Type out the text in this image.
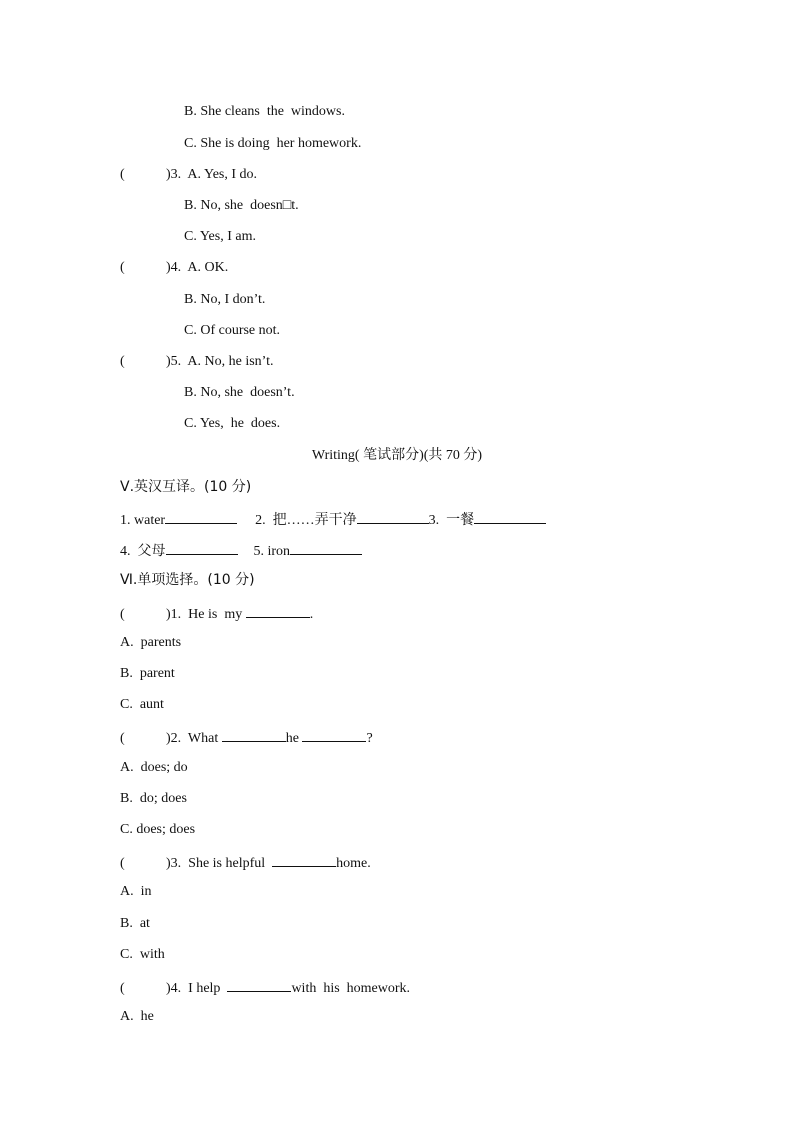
B. She cleans  the  windows.
C. She is doing  her homework.
(	)3.  A. Yes, I do.
B. No, she  doesn□t.
C. Yes, I am.
(	)4.  A. OK.
B. No, I don’t.
C. Of course not.
(	)5.  A. No, he isn’t.
B. No, she  doesn’t.
C. Yes,  he  does.
Writing( 笔试部分)(共 70 分)
Ⅴ.英汉互译。(10 分)
1. water	2.  把……弄干净	3.  一餐
4.  父母	5. iron
Ⅵ.单项选择。(10 分)
(	)1.  He is  my	.
A.  parents
B.  parent
C.  aunt
(	)2.  What	he	?
A.  does; do
B.  do; does
C. does; does
(	)3.  She is helpful	home.
A.  in
B.  at
C.  with
(	)4.  I help	with  his  homework.
A.  he
